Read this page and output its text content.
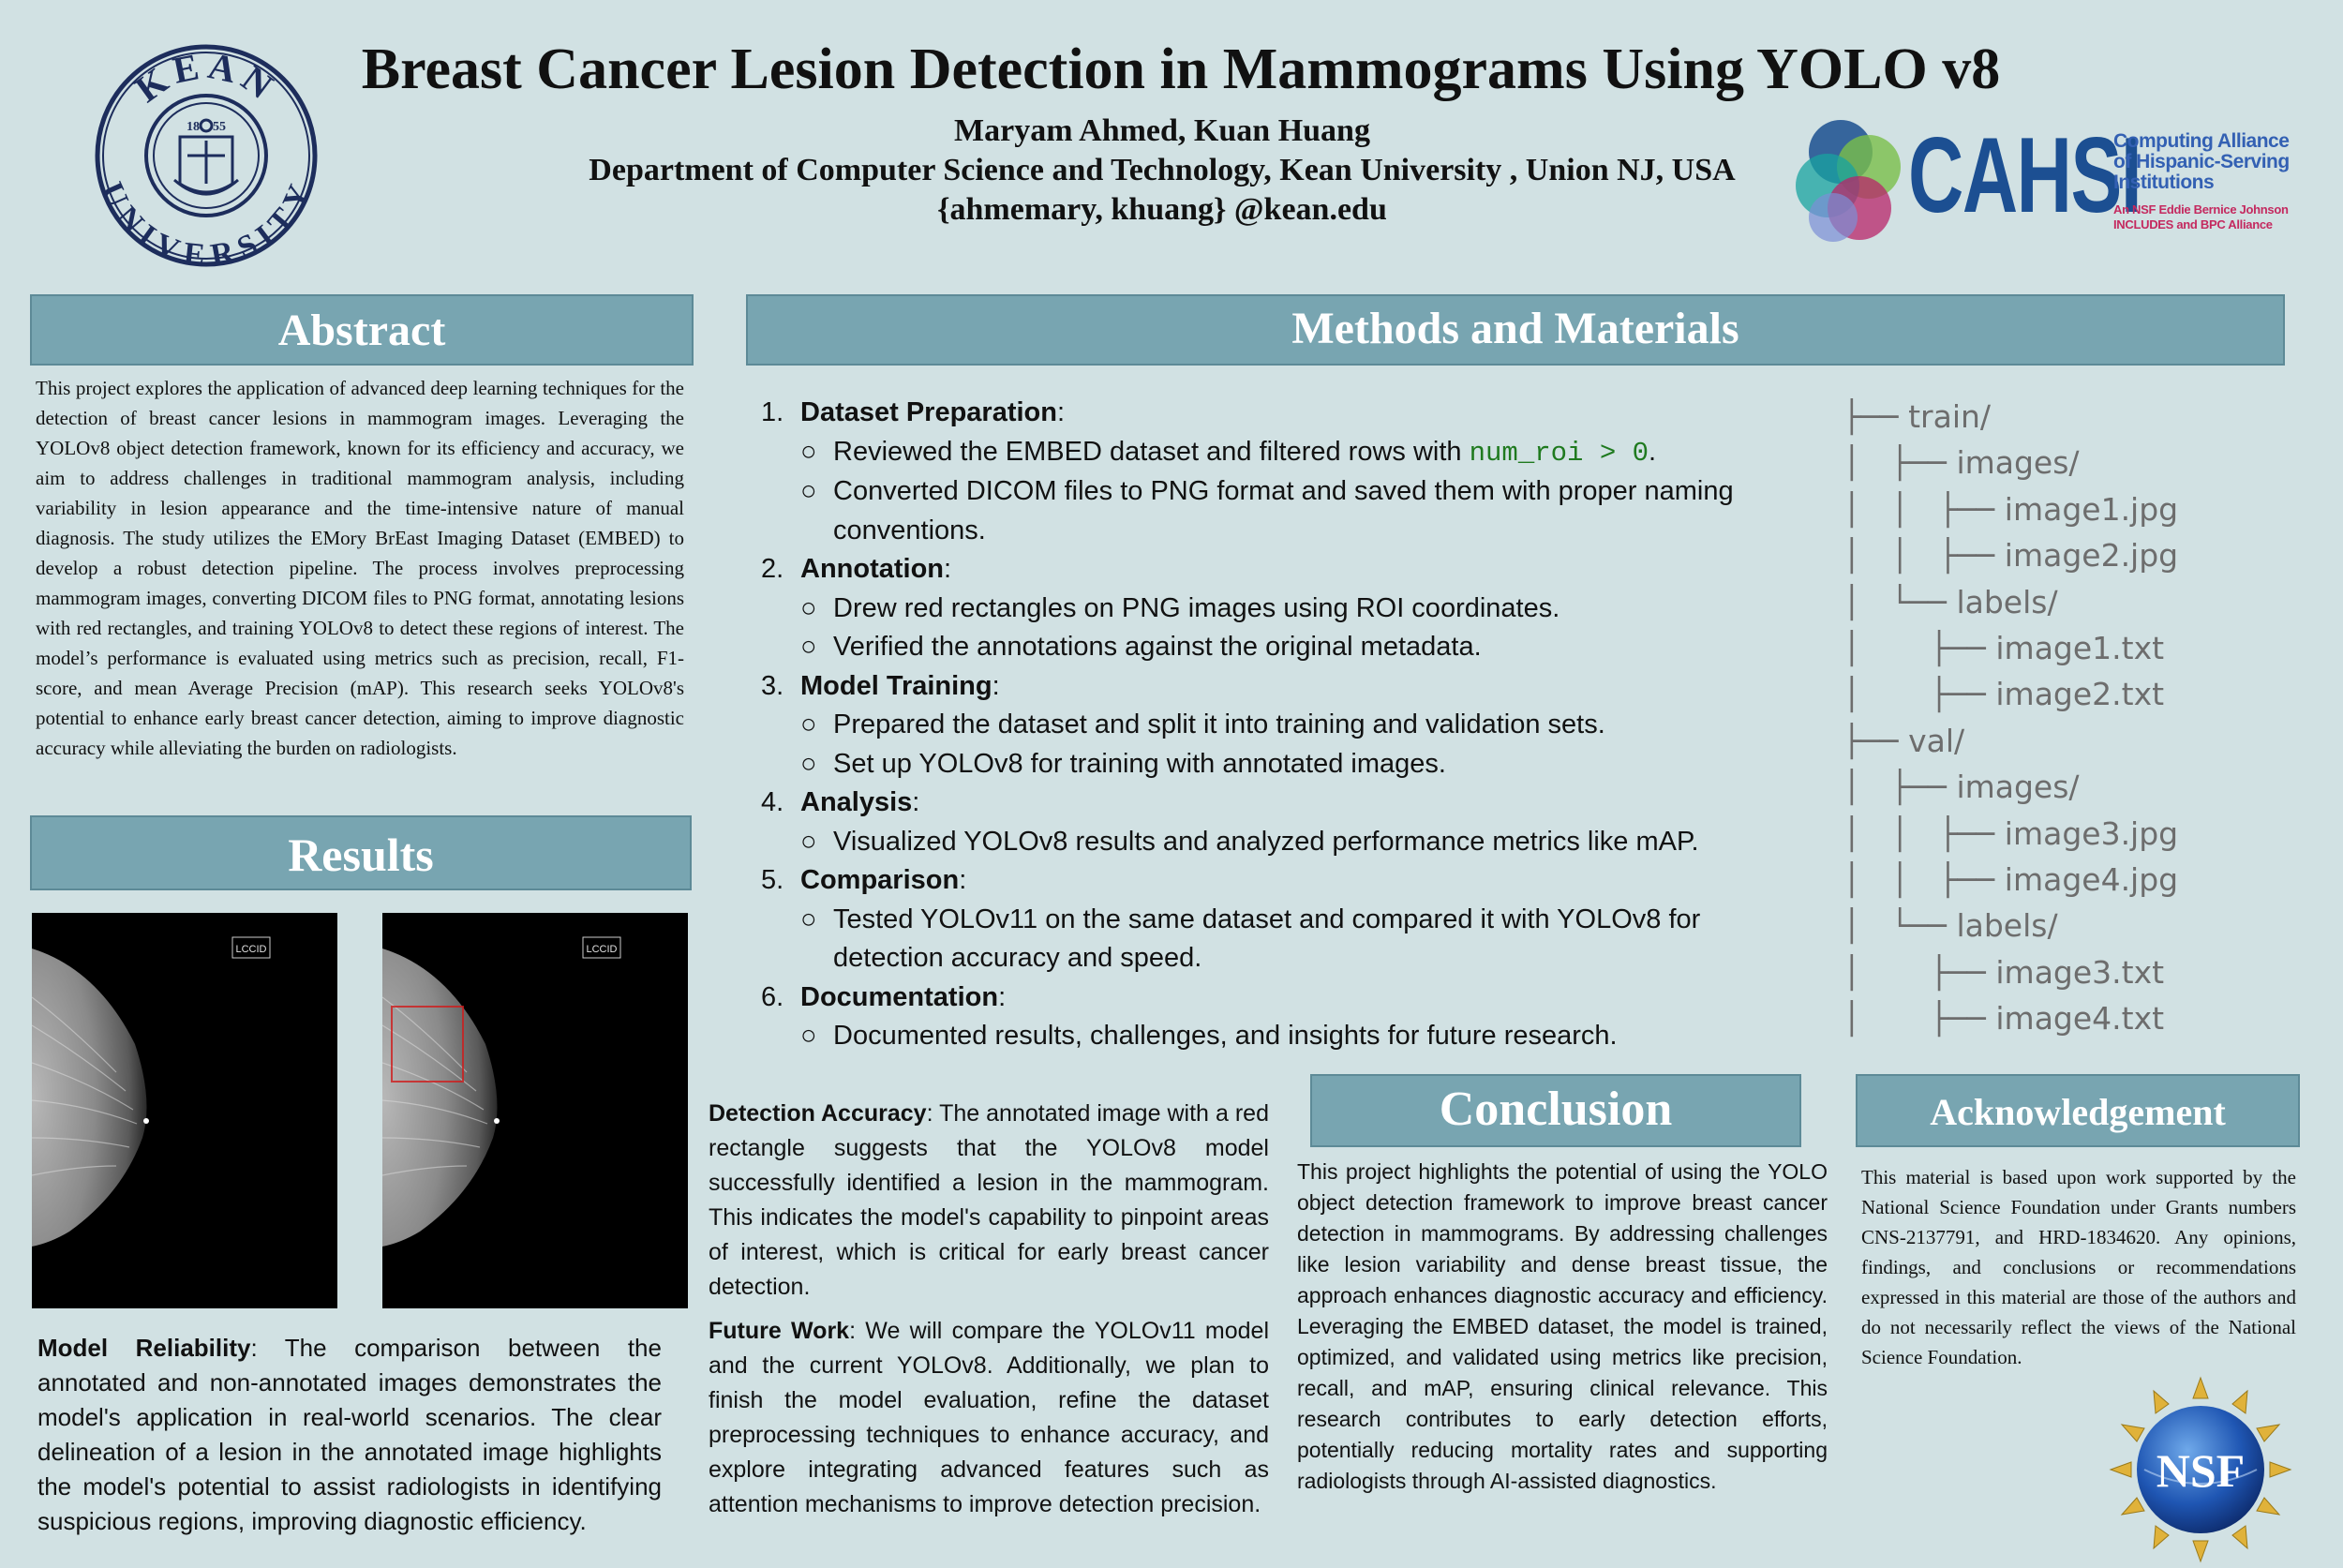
KEAN
UNIVERSITY
18 55
Breast Cancer Lesion Detection in Mammograms Using YOLO v8
Maryam Ahmed, Kuan Huang
Department of Computer Science and Technology, Kean University , Union NJ, USA
{ahmemary, khuang} @kean.edu	CAHSI
Computing Alliance
of Hispanic-Serving
Institutions
An NSF Eddie Bernice Johnson
INCLUDES and BPC Alliance
Abstract
This project explores the application of advanced deep learning techniques for the detection of breast cancer lesions in mammogram images. Leveraging the YOLOv8 object detection framework, known for its efficiency and accuracy, we aim to address challenges in traditional mammogram analysis, including variability in lesion appearance and the time-intensive nature of manual diagnosis. The study utilizes the EMory BrEast Imaging Dataset (EMBED) to develop a robust detection pipeline. The process involves preprocessing mammogram images, converting DICOM files to PNG format, annotating lesions with red rectangles, and training YOLOv8 to detect these regions of interest. The model’s performance is evaluated using metrics such as precision, recall, F1-score, and mean Average Precision (mAP). This research seeks YOLOv8's potential to enhance early breast cancer detection, aiming to improve diagnostic accuracy while alleviating the burden on radiologists.
Methods and Materials
1. Dataset Preparation:
○ Reviewed the EMBED dataset and filtered rows with num_roi > 0.
○ Converted DICOM files to PNG format and saved them with proper naming conventions.
2. Annotation:
○ Drew red rectangles on PNG images using ROI coordinates.
○ Verified the annotations against the original metadata.
3. Model Training:
○ Prepared the dataset and split it into training and validation sets.
○ Set up YOLOv8 for training with annotated images.
4. Analysis:
○ Visualized YOLOv8 results and analyzed performance metrics like mAP.
5. Comparison:
○ Tested YOLOv11 on the same dataset and compared it with YOLOv8 for detection accuracy and speed.
6. Documentation:
○ Documented results, challenges, and insights for future research.
├── train/
│   ├── images/
│   │   ├── image1.jpg
│   │   ├── image2.jpg
│   └── labels/
│       ├── image1.txt
│       ├── image2.txt
├── val/
│   ├── images/
│   │   ├── image3.jpg
│   │   ├── image4.jpg
│   └── labels/
│       ├── image3.txt
│       ├── image4.txt
Results
LCCID	LCCID
Model Reliability: The comparison between the annotated and non-annotated images demonstrates the model's application in real-world scenarios. The clear delineation of a lesion in the annotated image highlights the model's potential to assist radiologists in identifying suspicious regions, improving diagnostic efficiency.
Detection Accuracy: The annotated image with a red rectangle suggests that the YOLOv8 model successfully identified a lesion in the mammogram. This indicates the model's capability to pinpoint areas of interest, which is critical for early breast cancer detection.
Future Work: We will compare the YOLOv11 model and the current YOLOv8. Additionally, we plan to finish the model evaluation, refine the dataset preprocessing techniques to enhance accuracy, and explore integrating advanced features such as attention mechanisms to improve detection precision.
Conclusion
This project highlights the potential of using the YOLO object detection framework to improve breast cancer detection in mammograms. By addressing challenges like lesion variability and dense breast tissue, the approach enhances diagnostic accuracy and efficiency. Leveraging the EMBED dataset, the model is trained, optimized, and validated using metrics like precision, recall, and mAP, ensuring clinical relevance. This research contributes to early detection efforts, potentially reducing mortality rates and supporting radiologists through AI-assisted diagnostics.
Acknowledgement
This material is based upon work supported by the National Science Foundation under Grants numbers CNS-2137791, and HRD-1834620. Any opinions, findings, and conclusions or recommendations expressed in this material are those of the authors and do not necessarily reflect the views of the National Science Foundation.
NSF
